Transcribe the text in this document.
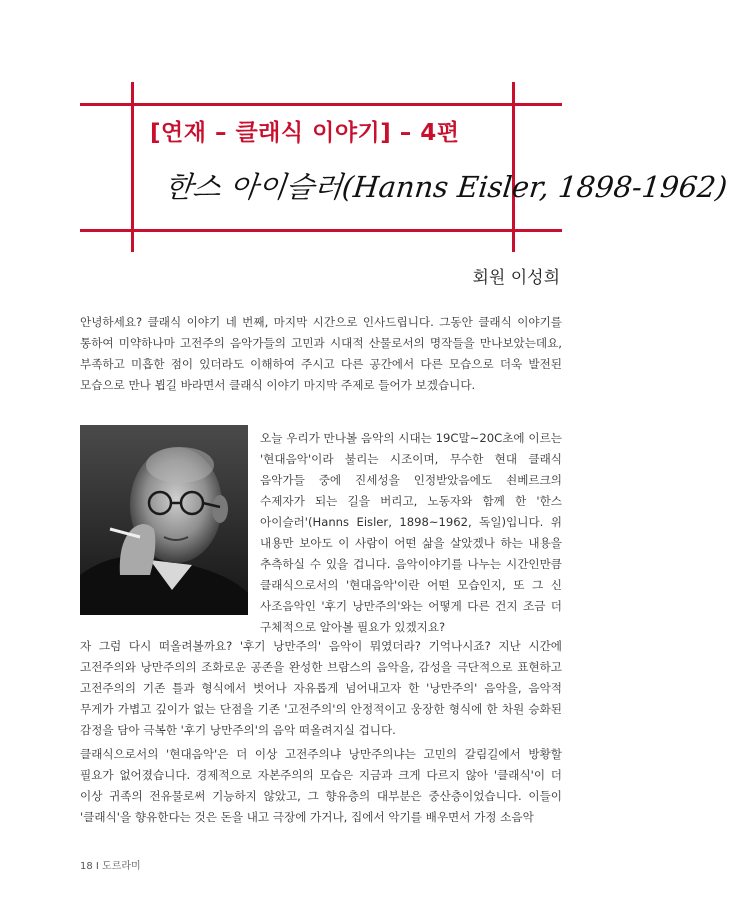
[연재 – 클래식 이야기] – 4편
한스 아이슬러(Hanns Eisler, 1898-1962)
회원 이성희

안녕하세요? 클래식 이야기 네 번째, 마지막 시간으로 인사드립니다. 그동안 클래식 이야기를 통하여 미약하나마 고전주의 음악가들의 고민과 시대적 산물로서의 명작들을 만나보았는데요, 부족하고 미흡한 점이 있더라도 이해하여 주시고 다른 공간에서 다른 모습으로 더욱 발전된 모습으로 만나 뵙길 바라면서 클래식 이야기 마지막 주제로 들어가 보겠습니다.

오늘 우리가 만나볼 음악의 시대는 19C말~20C초에 이르는 '현대음악'이라 불리는 시조이며, 무수한 현대 클래식 음악가들 중에 진세성을 인정받았음에도 쇤베르크의 수제자가 되는 길을 버리고, 노동자와 함께 한 '한스 아이슬러'(Hanns Eisler, 1898~1962, 독일)입니다. 위 내용만 보아도 이 사람이 어떤 삶을 살았겠나 하는 내용을 추측하실 수 있을 겁니다. 음악이야기를 나누는 시간인만큼 클래식으로서의 '현대음악'이란 어떤 모습인지, 또 그 신 사조음악인 '후기 낭만주의'와는 어떻게 다른 건지 조금 더 구체적으로 알아볼 필요가 있겠지요?

자 그럼 다시 떠올려볼까요? '후기 낭만주의' 음악이 뭐였더라? 기억나시죠? 지난 시간에 고전주의와 낭만주의의 조화로운 공존을 완성한 브람스의 음악을, 감성을 극단적으로 표현하고 고전주의의 기존 틀과 형식에서 벗어나 자유롭게 넘어내고자 한 '낭만주의' 음악을, 음악적 무게가 가볍고 깊이가 없는 단점을 기존 '고전주의'의 안정적이고 웅장한 형식에 한 차원 승화된 감정을 담아 극복한 '후기 낭만주의'의 음악 떠올려지실 겁니다.

클래식으로서의 '현대음악'은 더 이상 고전주의냐 낭만주의냐는 고민의 갈림길에서 방황할 필요가 없어졌습니다. 경제적으로 자본주의의 모습은 지금과 크게 다르지 않아 '클래식'이 더 이상 귀족의 전유물로써 기능하지 않았고, 그 향유층의 대부분은 중산층이었습니다. 이들이 '클래식'을 향유한다는 것은 돈을 내고 극장에 가거나, 집에서 악기를 배우면서 가정 소음악

18 I 도르라미
